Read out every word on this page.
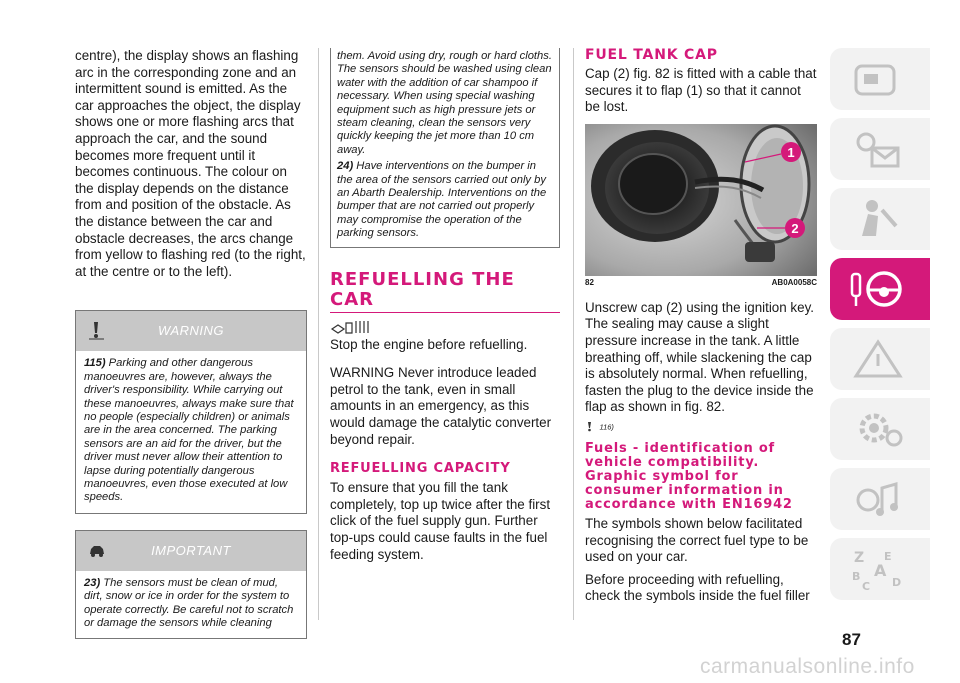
centre), the display shows an flashing arc in the corresponding zone and an intermittent sound is emitted. As the car approaches the object, the display shows one or more flashing arcs that approach the car, and the sound becomes more frequent until it becomes continuous. The colour on the display depends on the distance from and position of the obstacle. As the distance between the car and obstacle decreases, the arcs change from yellow to flashing red (to the right, at the centre or to the left).

WARNING

115) Parking and other dangerous manoeuvres are, however, always the driver's responsibility. While carrying out these manoeuvres, always make sure that no people (especially children) or animals are in the area concerned. The parking sensors are an aid for the driver, but the driver must never allow their attention to lapse during potentially dangerous manoeuvres, even those executed at low speeds.

IMPORTANT

23) The sensors must be clean of mud, dirt, snow or ice in order for the system to operate correctly. Be careful not to scratch or damage the sensors while cleaning

them. Avoid using dry, rough or hard cloths. The sensors should be washed using clean water with the addition of car shampoo if necessary. When using special washing equipment such as high pressure jets or steam cleaning, clean the sensors very quickly keeping the jet more than 10 cm away.

24) Have interventions on the bumper in the area of the sensors carried out only by an Abarth Dealership. Interventions on the bumper that are not carried out properly may compromise the operation of the parking sensors.

REFUELLING THE CAR

Stop the engine before refuelling.

WARNING Never introduce leaded petrol to the tank, even in small amounts in an emergency, as this would damage the catalytic converter beyond repair.

REFUELLING CAPACITY

To ensure that you fill the tank completely, top up twice after the first click of the fuel supply gun. Further top-ups could cause faults in the fuel feeding system.

FUEL TANK CAP

Cap (2) fig. 82 is fitted with a cable that secures it to flap (1) so that it cannot be lost.

1
2
82	AB0A0058C

Unscrew cap (2) using the ignition key. The sealing may cause a slight pressure increase in the tank. A little breathing off, while slackening the cap is absolutely normal. When refuelling, fasten the plug to the device inside the flap as shown in fig. 82.

116)
Fuels - identification of vehicle compatibility. Graphic symbol for consumer information in accordance with EN16942

The symbols shown below facilitated recognising the correct fuel type to be used on your car.

Before proceeding with refuelling, check the symbols inside the fuel filler

Z E
B A
C D
87
carmanualsonline.info
